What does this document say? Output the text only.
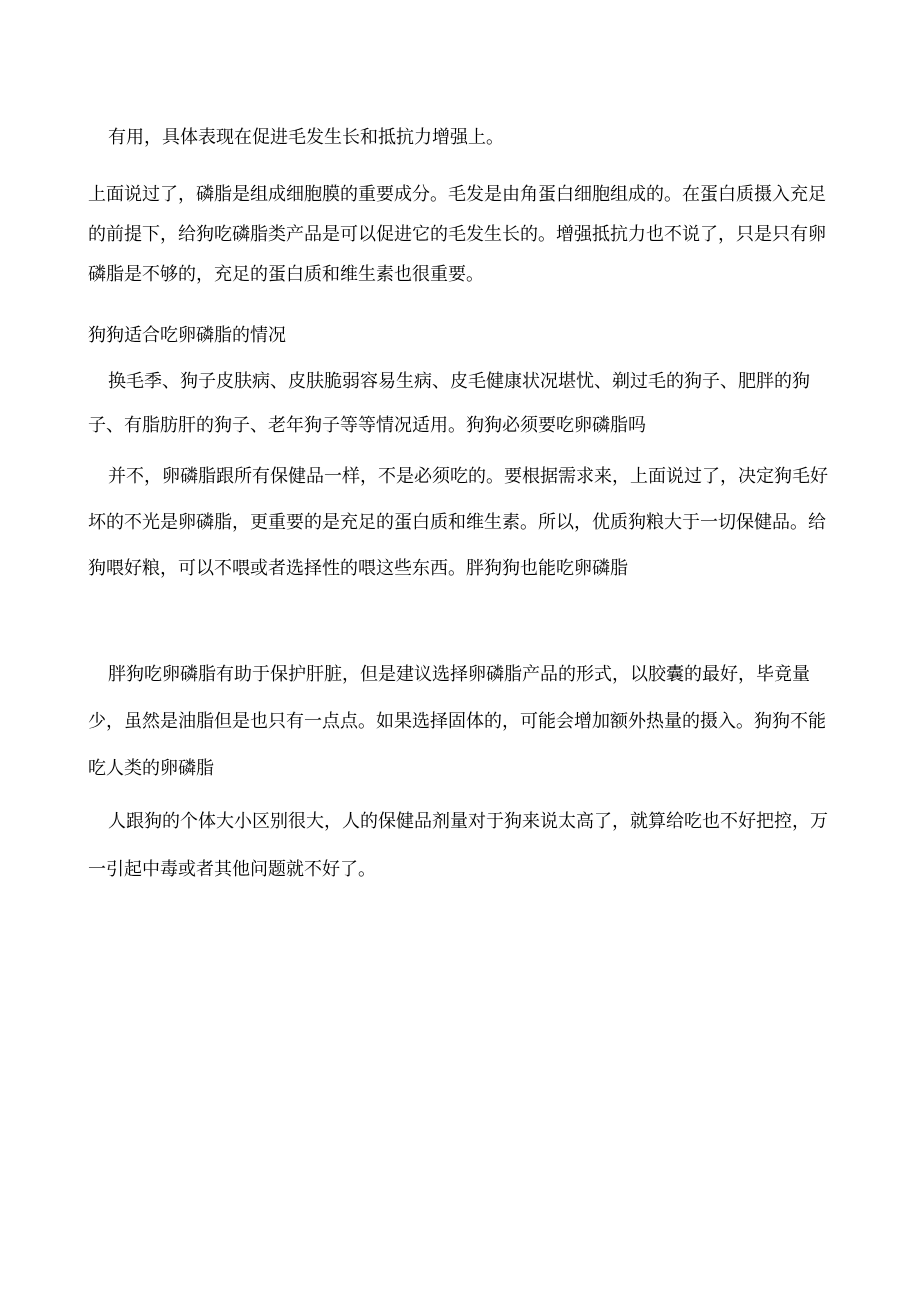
有用，具体表现在促进毛发生长和抵抗力增强上。

上面说过了，磷脂是组成细胞膜的重要成分。毛发是由角蛋白细胞组成的。在蛋白质摄入充足的前提下，给狗吃磷脂类产品是可以促进它的毛发生长的。增强抵抗力也不说了，只是只有卵磷脂是不够的，充足的蛋白质和维生素也很重要。

狗狗适合吃卵磷脂的情况

换毛季、狗子皮肤病、皮肤脆弱容易生病、皮毛健康状况堪忧、剃过毛的狗子、肥胖的狗子、有脂肪肝的狗子、老年狗子等等情况适用。狗狗必须要吃卵磷脂吗

并不，卵磷脂跟所有保健品一样，不是必须吃的。要根据需求来，上面说过了，决定狗毛好坏的不光是卵磷脂，更重要的是充足的蛋白质和维生素。所以，优质狗粮大于一切保健品。给狗喂好粮，可以不喂或者选择性的喂这些东西。胖狗狗也能吃卵磷脂

胖狗吃卵磷脂有助于保护肝脏，但是建议选择卵磷脂产品的形式，以胶囊的最好，毕竟量少，虽然是油脂但是也只有一点点。如果选择固体的，可能会增加额外热量的摄入。狗狗不能吃人类的卵磷脂

人跟狗的个体大小区别很大，人的保健品剂量对于狗来说太高了，就算给吃也不好把控，万一引起中毒或者其他问题就不好了。
